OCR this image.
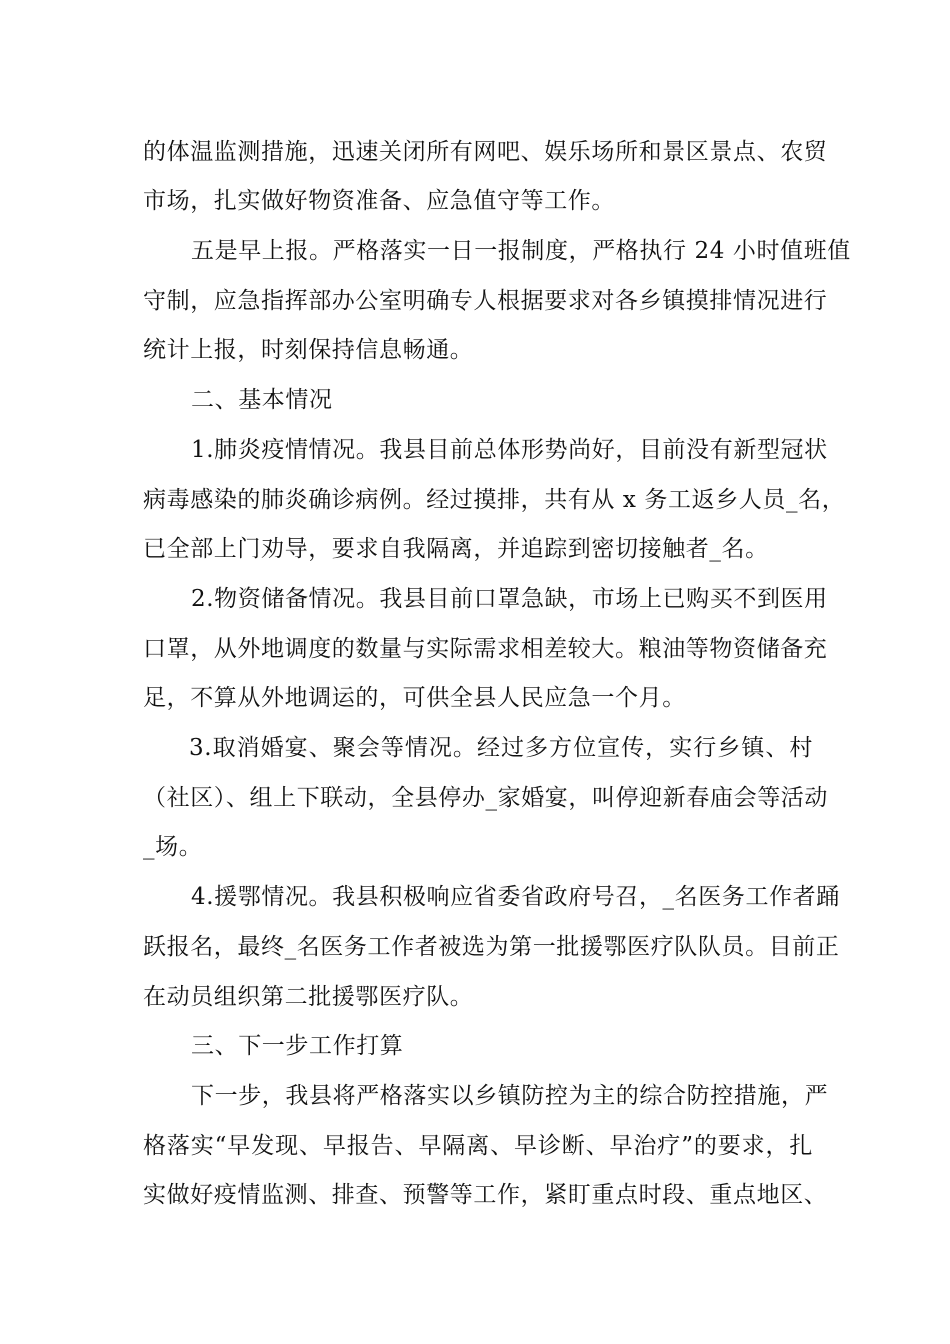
的体温监测措施，迅速关闭所有网吧、娱乐场所和景区景点、农贸
市场，扎实做好物资准备、应急值守等工作。
五是早上报。严格落实一日一报制度，严格执行 24 小时值班值
守制，应急指挥部办公室明确专人根据要求对各乡镇摸排情况进行
统计上报，时刻保持信息畅通。
二、基本情况
1.肺炎疫情情况。我县目前总体形势尚好，目前没有新型冠状
病毒感染的肺炎确诊病例。经过摸排，共有从 x 务工返乡人员_名，
已全部上门劝导，要求自我隔离，并追踪到密切接触者_名。
2.物资储备情况。我县目前口罩急缺，市场上已购买不到医用
口罩，从外地调度的数量与实际需求相差较大。粮油等物资储备充
足，不算从外地调运的，可供全县人民应急一个月。
3.取消婚宴、聚会等情况。经过多方位宣传，实行乡镇、村
（社区）、组上下联动，全县停办_家婚宴，叫停迎新春庙会等活动
_场。
4.援鄂情况。我县积极响应省委省政府号召，_名医务工作者踊
跃报名，最终_名医务工作者被选为第一批援鄂医疗队队员。目前正
在动员组织第二批援鄂医疗队。
三、下一步工作打算
下一步，我县将严格落实以乡镇防控为主的综合防控措施，严
格落实“早发现、早报告、早隔离、早诊断、早治疗”的要求，扎
实做好疫情监测、排查、预警等工作，紧盯重点时段、重点地区、
